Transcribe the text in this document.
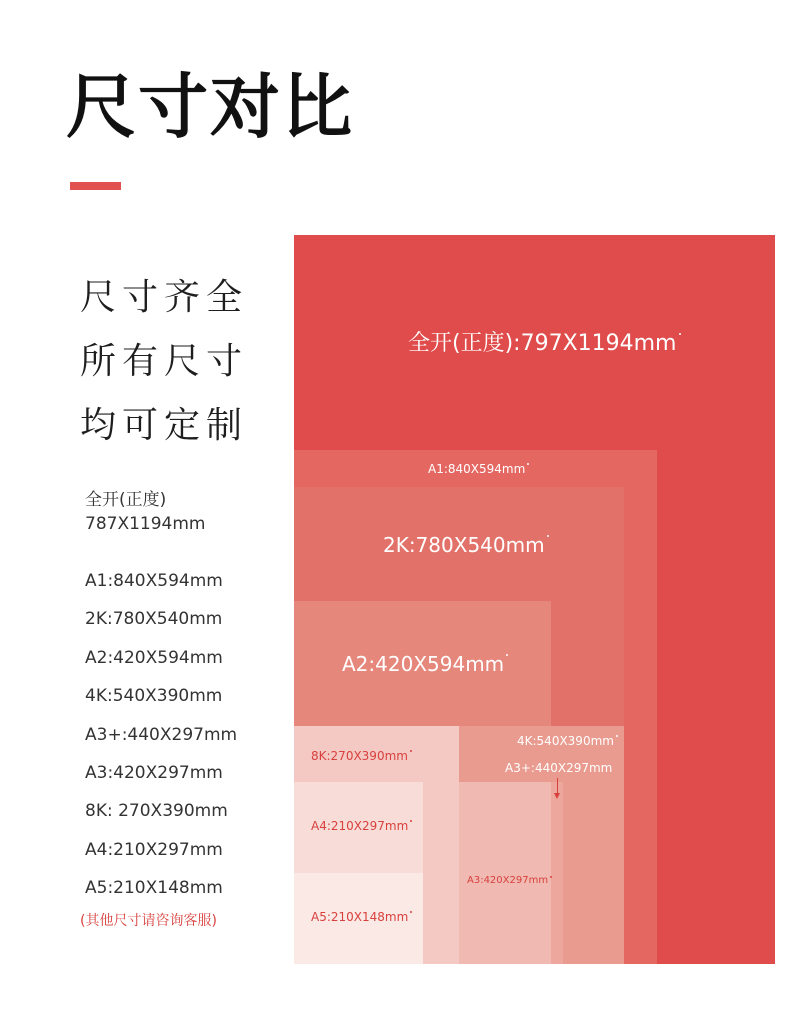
尺寸对比
尺寸齐全
所有尺寸
均可定制
全开(正度)
787X1194mm
A1:840X594mm
2K:780X540mm
A2:420X594mm
4K:540X390mm
A3+:440X297mm
A3:420X297mm
8K: 270X390mm
A4:210X297mm
A5:210X148mm
(其他尺寸请咨询客服)
全开(正度):797X1194mm
A1:840X594mm
2K:780X540mm
A2:420X594mm
4K:540X390mm
A3+:440X297mm
8K:270X390mm
A4:210X297mm
A3:420X297mm
A5:210X148mm
